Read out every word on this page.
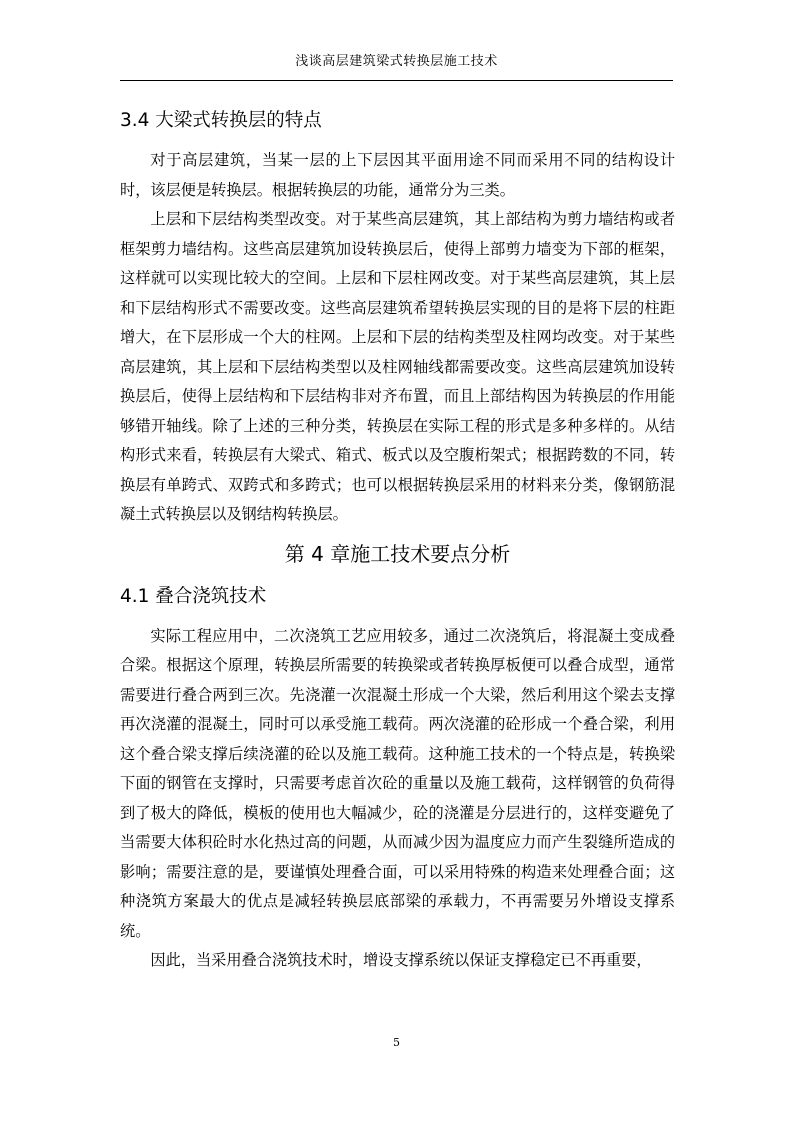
浅谈高层建筑梁式转换层施工技术
3.4 大梁式转换层的特点

对于高层建筑，当某一层的上下层因其平面用途不同而采用不同的结构设计时，该层便是转换层。根据转换层的功能，通常分为三类。

上层和下层结构类型改变。对于某些高层建筑，其上部结构为剪力墙结构或者框架剪力墙结构。这些高层建筑加设转换层后，使得上部剪力墙变为下部的框架，这样就可以实现比较大的空间。上层和下层柱网改变。对于某些高层建筑，其上层和下层结构形式不需要改变。这些高层建筑希望转换层实现的目的是将下层的柱距增大，在下层形成一个大的柱网。上层和下层的结构类型及柱网均改变。对于某些高层建筑，其上层和下层结构类型以及柱网轴线都需要改变。这些高层建筑加设转换层后，使得上层结构和下层结构非对齐布置，而且上部结构因为转换层的作用能够错开轴线。除了上述的三种分类，转换层在实际工程的形式是多种多样的。从结构形式来看，转换层有大梁式、箱式、板式以及空腹桁架式；根据跨数的不同，转换层有单跨式、双跨式和多跨式；也可以根据转换层采用的材料来分类，像钢筋混凝土式转换层以及钢结构转换层。

第 4 章施工技术要点分析
4.1 叠合浇筑技术

实际工程应用中，二次浇筑工艺应用较多，通过二次浇筑后，将混凝土变成叠合梁。根据这个原理，转换层所需要的转换梁或者转换厚板便可以叠合成型，通常需要进行叠合两到三次。先浇灌一次混凝土形成一个大梁，然后利用这个梁去支撑再次浇灌的混凝土，同时可以承受施工载荷。两次浇灌的砼形成一个叠合梁，利用这个叠合梁支撑后续浇灌的砼以及施工载荷。这种施工技术的一个特点是，转换梁下面的钢管在支撑时，只需要考虑首次砼的重量以及施工载荷，这样钢管的负荷得到了极大的降低，模板的使用也大幅减少，砼的浇灌是分层进行的，这样变避免了当需要大体积砼时水化热过高的问题，从而减少因为温度应力而产生裂缝所造成的影响；需要注意的是，要谨慎处理叠合面，可以采用特殊的构造来处理叠合面；这种浇筑方案最大的优点是减轻转换层底部梁的承载力，不再需要另外增设支撑系统。

因此，当采用叠合浇筑技术时，增设支撑系统以保证支撑稳定已不再重要，

5
